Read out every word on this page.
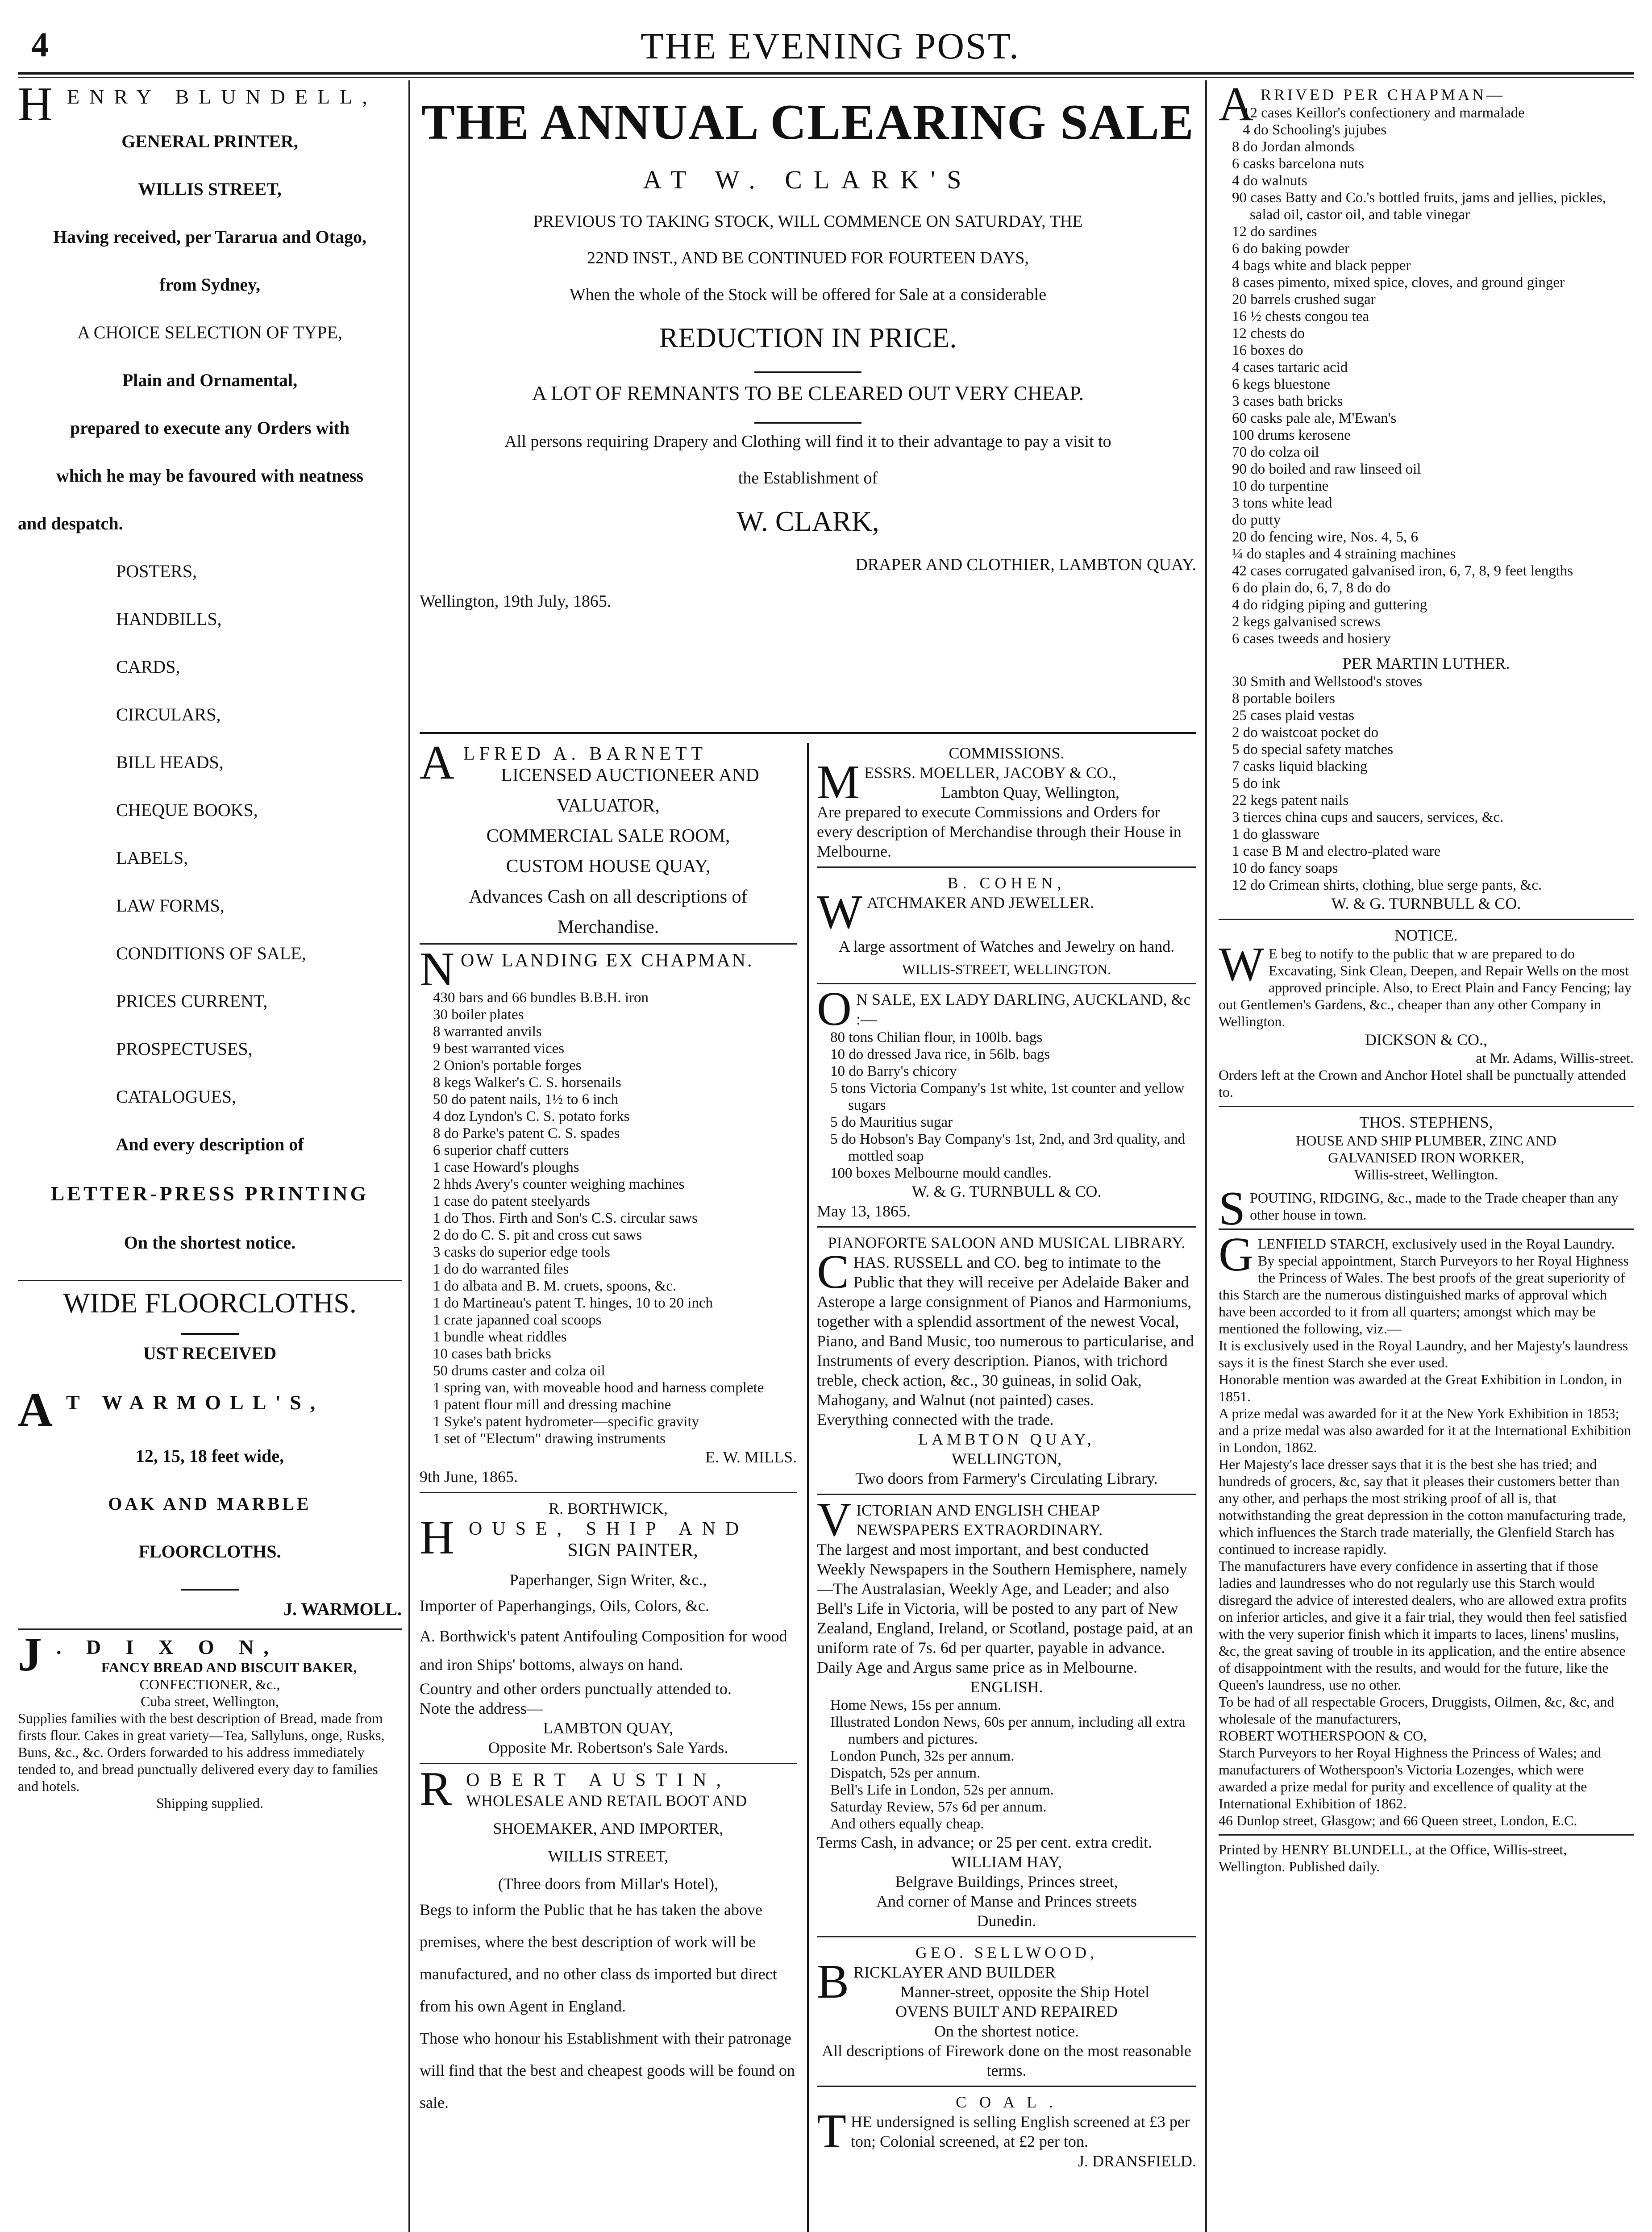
4	THE EVENING POST.
H ENRY BLUNDELL,

GENERAL PRINTER,

WILLIS STREET,

Having received, per Tararua and Otago,

from Sydney,

A CHOICE SELECTION OF TYPE,

Plain and Ornamental,

prepared to execute any Orders with

which he may be favoured with neatness

and despatch.

POSTERS,

HANDBILLS,

CARDS,

CIRCULARS,

BILL HEADS,

CHEQUE BOOKS,

LABELS,

LAW FORMS,

CONDITIONS OF SALE,

PRICES CURRENT,

PROSPECTUSES,

CATALOGUES,

And every description of

LETTER-PRESS PRINTING

On the shortest notice.

WIDE FLOORCLOTHS.

UST RECEIVED

A T WARMOLL'S,

12, 15, 18 feet wide,

OAK AND MARBLE

FLOORCLOTHS.

J. WARMOLL.

J . D I X O N,
FANCY BREAD AND BISCUIT BAKER,
CONFECTIONER, &c.,
Cuba street, Wellington,
Supplies families with the best description of Bread, made from firsts flour. Cakes in great variety—Tea, Sallyluns, onge, Rusks, Buns, &c., &c. Orders forwarded to his address immediately tended to, and bread punctually delivered every day to families and hotels.
Shipping supplied.
THE ANNUAL CLEARING SALE

AT W. CLARK'S

PREVIOUS TO TAKING STOCK, WILL COMMENCE ON SATURDAY, THE

22ND INST., AND BE CONTINUED FOR FOURTEEN DAYS,

When the whole of the Stock will be offered for Sale at a considerable

REDUCTION IN PRICE.

A LOT OF REMNANTS TO BE CLEARED OUT VERY CHEAP.

All persons requiring Drapery and Clothing will find it to their advantage to pay a visit to

the Establishment of

W. CLARK,

DRAPER AND CLOTHIER, LAMBTON QUAY.

Wellington, 19th July, 1865.

A LFRED A. BARNETT
LICENSED AUCTIONEER AND
VALUATOR,
COMMERCIAL SALE ROOM,
CUSTOM HOUSE QUAY,
Advances Cash on all descriptions of
Merchandise.
N OW LANDING EX CHAPMAN.
430 bars and 66 bundles B.B.H. iron
30 boiler plates
8 warranted anvils
9 best warranted vices
2 Onion's portable forges
8 kegs Walker's C. S. horsenails
50 do patent nails, 1½ to 6 inch
4 doz Lyndon's C. S. potato forks
8 do Parke's patent C. S. spades
6 superior chaff cutters
1 case Howard's ploughs
2 hhds Avery's counter weighing machines
1 case do patent steelyards
1 do Thos. Firth and Son's C.S. circular saws
2 do do C. S. pit and cross cut saws
3 casks do superior edge tools
1 do do warranted files
1 do albata and B. M. cruets, spoons, &c.
1 do Martineau's patent T. hinges, 10 to 20 inch
1 crate japanned coal scoops
1 bundle wheat riddles
10 cases bath bricks
50 drums caster and colza oil
1 spring van, with moveable hood and harness complete
1 patent flour mill and dressing machine
1 Syke's patent hydrometer—specific gravity
1 set of "Electum" drawing instruments
E. W. MILLS.
9th June, 1865.
R. BORTHWICK,
H OUSE, SHIP AND
SIGN PAINTER,
Paperhanger, Sign Writer, &c.,
Importer of Paperhangings, Oils, Colors, &c.
A. Borthwick's patent Antifouling Composition for wood and iron Ships' bottoms, always on hand.
Country and other orders punctually attended to.
Note the address—
LAMBTON QUAY,
Opposite Mr. Robertson's Sale Yards.
R OBERT AUSTIN,
WHOLESALE AND RETAIL BOOT AND
SHOEMAKER, AND IMPORTER,
WILLIS STREET,
(Three doors from Millar's Hotel),
Begs to inform the Public that he has taken the above premises, where the best description of work will be manufactured, and no other class ds imported but direct from his own Agent in England.
Those who honour his Establishment with their patronage will find that the best and cheapest goods will be found on sale.
COMMISSIONS.
M ESSRS. MOELLER, JACOBY & CO.,
Lambton Quay, Wellington,
Are prepared to execute Commissions and Orders for every description of Merchandise through their House in Melbourne.
B. COHEN,
W ATCHMAKER AND JEWELLER.
A large assortment of Watches and Jewelry on hand.
WILLIS-STREET, WELLINGTON.
O N SALE, EX LADY DARLING, AUCKLAND, &c :—
80 tons Chilian flour, in 100lb. bags
10 do dressed Java rice, in 56lb. bags
10 do Barry's chicory
5 tons Victoria Company's 1st white, 1st counter and yellow sugars
5 do Mauritius sugar
5 do Hobson's Bay Company's 1st, 2nd, and 3rd quality, and mottled soap
100 boxes Melbourne mould candles.
W. & G. TURNBULL & CO.
May 13, 1865.
PIANOFORTE SALOON AND MUSICAL LIBRARY.
C HAS. RUSSELL and CO. beg to intimate to the Public that they will receive per Adelaide Baker and Asterope a large consignment of Pianos and Harmoniums, together with a splendid assortment of the newest Vocal, Piano, and Band Music, too numerous to particularise, and Instruments of every description. Pianos, with trichord treble, check action, &c., 30 guineas, in solid Oak, Mahogany, and Walnut (not painted) cases.
Everything connected with the trade.
LAMBTON QUAY,
WELLINGTON,
Two doors from Farmery's Circulating Library.
V ICTORIAN AND ENGLISH CHEAP NEWSPAPERS EXTRAORDINARY.
The largest and most important, and best conducted Weekly Newspapers in the Southern Hemisphere, namely—The Australasian, Weekly Age, and Leader; and also Bell's Life in Victoria, will be posted to any part of New Zealand, England, Ireland, or Scotland, postage paid, at an uniform rate of 7s. 6d per quarter, payable in advance.
Daily Age and Argus same price as in Melbourne.
ENGLISH.
Home News, 15s per annum.
Illustrated London News, 60s per annum, including all extra numbers and pictures.
London Punch, 32s per annum.
Dispatch, 52s per annum.
Bell's Life in London, 52s per annum.
Saturday Review, 57s 6d per annum.
And others equally cheap.
Terms Cash, in advance; or 25 per cent. extra credit.
WILLIAM HAY,
Belgrave Buildings, Princes street,
And corner of Manse and Princes streets
Dunedin.
GEO. SELLWOOD,
B RICKLAYER AND BUILDER
Manner-street, opposite the Ship Hotel
OVENS BUILT AND REPAIRED
On the shortest notice.
All descriptions of Firework done on the most reasonable terms.
C O A L .
T HE undersigned is selling English screened at £3 per ton; Colonial screened, at £2 per ton.
J. DRANSFIELD.
A RRIVED PER CHAPMAN—
12 cases Keillor's confectionery and marmalade
4 do Schooling's jujubes
8 do Jordan almonds
6 casks barcelona nuts
4 do walnuts
90 cases Batty and Co.'s bottled fruits, jams and jellies, pickles, salad oil, castor oil, and table vinegar
12 do sardines
6 do baking powder
4 bags white and black pepper
8 cases pimento, mixed spice, cloves, and ground ginger
20 barrels crushed sugar
16 ½ chests congou tea
12 chests do
16 boxes do
4 cases tartaric acid
6 kegs bluestone
3 cases bath bricks
60 casks pale ale, M'Ewan's
100 drums kerosene
70 do colza oil
90 do boiled and raw linseed oil
10 do turpentine
3 tons white lead
do putty
20 do fencing wire, Nos. 4, 5, 6
¼ do staples and 4 straining machines
42 cases corrugated galvanised iron, 6, 7, 8, 9 feet lengths
6 do plain do, 6, 7, 8 do do
4 do ridging piping and guttering
2 kegs galvanised screws
6 cases tweeds and hosiery
PER MARTIN LUTHER.
30 Smith and Wellstood's stoves
8 portable boilers
25 cases plaid vestas
2 do waistcoat pocket do
5 do special safety matches
7 casks liquid blacking
5 do ink
22 kegs patent nails
3 tierces china cups and saucers, services, &c.
1 do glassware
1 case B M and electro-plated ware
10 do fancy soaps
12 do Crimean shirts, clothing, blue serge pants, &c.
W. & G. TURNBULL & CO.
NOTICE.
W E beg to notify to the public that w are prepared to do Excavating, Sink Clean, Deepen, and Repair Wells on the most approved principle. Also, to Erect Plain and Fancy Fencing; lay out Gentlemen's Gardens, &c., cheaper than any other Company in Wellington.
DICKSON & CO.,
at Mr. Adams, Willis-street.
Orders left at the Crown and Anchor Hotel shall be punctually attended to.
THOS. STEPHENS,
HOUSE AND SHIP PLUMBER, ZINC AND
GALVANISED IRON WORKER,
Willis-street, Wellington.
S POUTING, RIDGING, &c., made to the Trade cheaper than any other house in town.
G LENFIELD STARCH, exclusively used in the Royal Laundry. By special appointment, Starch Purveyors to her Royal Highness the Princess of Wales. The best proofs of the great superiority of this Starch are the numerous distinguished marks of approval which have been accorded to it from all quarters; amongst which may be mentioned the following, viz.—
It is exclusively used in the Royal Laundry, and her Majesty's laundress says it is the finest Starch she ever used.
Honorable mention was awarded at the Great Exhibition in London, in 1851.
A prize medal was awarded for it at the New York Exhibition in 1853; and a prize medal was also awarded for it at the International Exhibition in London, 1862.
Her Majesty's lace dresser says that it is the best she has tried; and hundreds of grocers, &c, say that it pleases their customers better than any other, and perhaps the most striking proof of all is, that notwithstanding the great depression in the cotton manufacturing trade, which influences the Starch trade materially, the Glenfield Starch has continued to increase rapidly.
The manufacturers have every confidence in asserting that if those ladies and laundresses who do not regularly use this Starch would disregard the advice of interested dealers, who are allowed extra profits on inferior articles, and give it a fair trial, they would then feel satisfied with the very superior finish which it imparts to laces, linens' muslins, &c, the great saving of trouble in its application, and the entire absence of disappointment with the results, and would for the future, like the Queen's laundress, use no other.
To be had of all respectable Grocers, Druggists, Oilmen, &c, &c, and wholesale of the manufacturers,
ROBERT WOTHERSPOON & CO,
Starch Purveyors to her Royal Highness the Princess of Wales; and manufacturers of Wotherspoon's Victoria Lozenges, which were awarded a prize medal for purity and excellence of quality at the International Exhibition of 1862.
46 Dunlop street, Glasgow; and 66 Queen street, London, E.C.
Printed by HENRY BLUNDELL, at the Office, Willis-street, Wellington. Published daily.
